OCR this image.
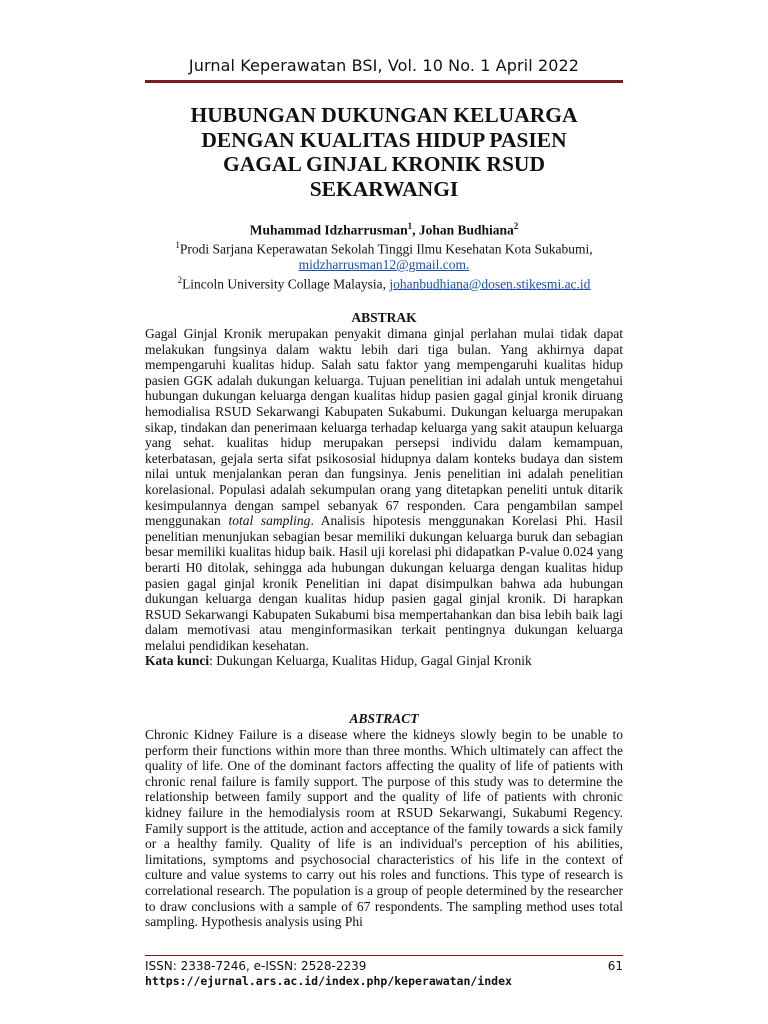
Jurnal Keperawatan BSI, Vol. 10 No. 1 April 2022
HUBUNGAN DUKUNGAN KELUARGA
DENGAN KUALITAS HIDUP PASIEN
GAGAL GINJAL KRONIK RSUD
SEKARWANGI
Muhammad Idzharrusman$^1$, Johan Budhiana$^2$
$^1$Prodi Sarjana Keperawatan Sekolah Tinggi Ilmu Kesehatan Kota Sukabumi,
midzharrusman12@gmail.com.
$^2$Lincoln University Collage Malaysia, johanbudhiana@dosen.stikesmi.ac.id
ABSTRAK
Gagal Ginjal Kronik merupakan penyakit dimana ginjal perlahan mulai tidak dapat melakukan fungsinya dalam waktu lebih dari tiga bulan. Yang akhirnya dapat mempengaruhi kualitas hidup. Salah satu faktor yang mempengaruhi kualitas hidup pasien GGK adalah dukungan keluarga. Tujuan penelitian ini adalah untuk mengetahui hubungan dukungan keluarga dengan kualitas hidup pasien gagal ginjal kronik diruang hemodialisa RSUD Sekarwangi Kabupaten Sukabumi. Dukungan keluarga merupakan sikap, tindakan dan penerimaan keluarga terhadap keluarga yang sakit ataupun keluarga yang sehat. kualitas hidup merupakan persepsi individu dalam kemampuan, keterbatasan, gejala serta sifat psikososial hidupnya dalam konteks budaya dan sistem nilai untuk menjalankan peran dan fungsinya. Jenis penelitian ini adalah penelitian korelasional. Populasi adalah sekumpulan orang yang ditetapkan peneliti untuk ditarik kesimpulannya dengan sampel sebanyak 67 responden. Cara pengambilan sampel menggunakan total sampling. Analisis hipotesis menggunakan Korelasi Phi. Hasil penelitian menunjukan sebagian besar memiliki dukungan keluarga buruk dan sebagian besar memiliki kualitas hidup baik. Hasil uji korelasi phi didapatkan P-value 0.024 yang berarti H0 ditolak, sehingga ada hubungan dukungan keluarga dengan kualitas hidup pasien gagal ginjal kronik Penelitian ini dapat disimpulkan bahwa ada hubungan dukungan keluarga dengan kualitas hidup pasien gagal ginjal kronik. Di harapkan RSUD Sekarwangi Kabupaten Sukabumi bisa mempertahankan dan bisa lebih baik lagi dalam memotivasi atau menginformasikan terkait pentingnya dukungan keluarga melalui pendidikan kesehatan.
Kata kunci: Dukungan Keluarga, Kualitas Hidup, Gagal Ginjal Kronik
ABSTRACT

Chronic Kidney Failure is a disease where the kidneys slowly begin to be unable to perform their functions within more than three months. Which ultimately can affect the quality of life. One of the dominant factors affecting the quality of life of patients with chronic renal failure is family support. The purpose of this study was to determine the relationship between family support and the quality of life of patients with chronic kidney failure in the hemodialysis room at RSUD Sekarwangi, Sukabumi Regency. Family support is the attitude, action and acceptance of the family towards a sick family or a healthy family. Quality of life is an individual's perception of his abilities, limitations, symptoms and psychosocial characteristics of his life in the context of culture and value systems to carry out his roles and functions. This type of research is correlational research. The population is a group of people determined by the researcher to draw conclusions with a sample of 67 respondents. The sampling method uses total sampling. Hypothesis analysis using Phi

ISSN: 2338-7246, e-ISSN: 2528-2239	61
https://ejurnal.ars.ac.id/index.php/keperawatan/index
